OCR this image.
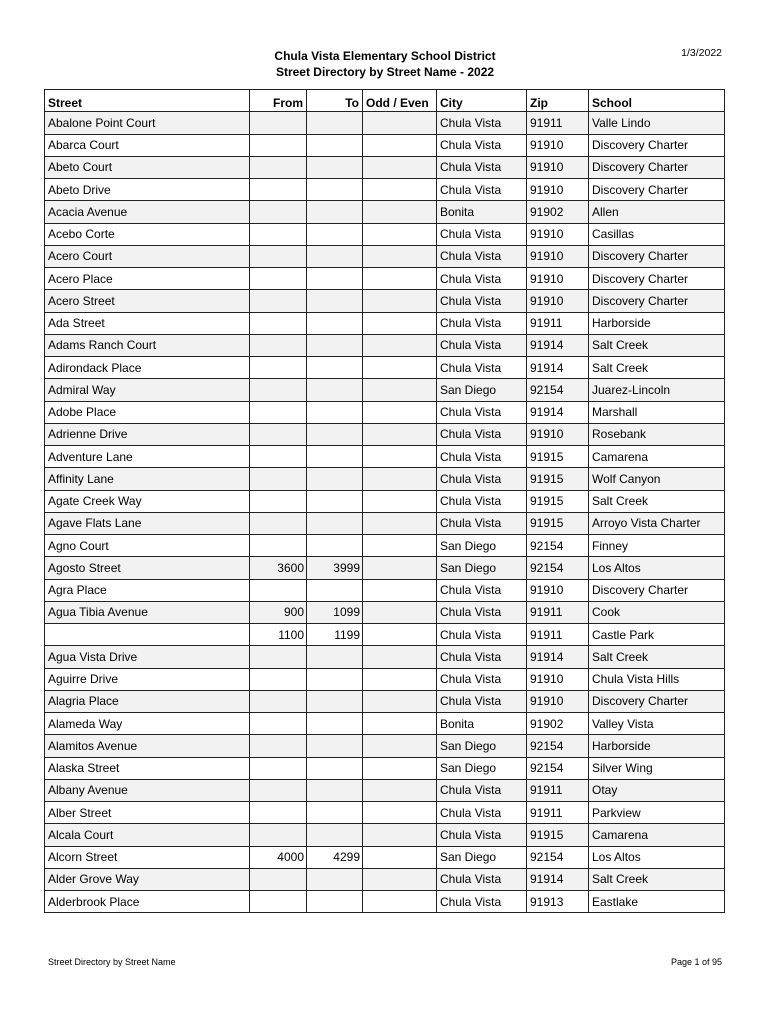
Chula Vista Elementary School District
Street Directory by Street Name - 2022
1/3/2022
Street	From	To	Odd / Even	City	Zip	School
Abalone Point Court				Chula Vista	91911	Valle Lindo
Abarca Court				Chula Vista	91910	Discovery Charter
Abeto Court				Chula Vista	91910	Discovery Charter
Abeto Drive				Chula Vista	91910	Discovery Charter
Acacia Avenue				Bonita	91902	Allen
Acebo Corte				Chula Vista	91910	Casillas
Acero Court				Chula Vista	91910	Discovery Charter
Acero Place				Chula Vista	91910	Discovery Charter
Acero Street				Chula Vista	91910	Discovery Charter
Ada Street				Chula Vista	91911	Harborside
Adams Ranch Court				Chula Vista	91914	Salt Creek
Adirondack Place				Chula Vista	91914	Salt Creek
Admiral Way				San Diego	92154	Juarez-Lincoln
Adobe Place				Chula Vista	91914	Marshall
Adrienne Drive				Chula Vista	91910	Rosebank
Adventure Lane				Chula Vista	91915	Camarena
Affinity Lane				Chula Vista	91915	Wolf Canyon
Agate Creek Way				Chula Vista	91915	Salt Creek
Agave Flats Lane				Chula Vista	91915	Arroyo Vista Charter
Agno Court				San Diego	92154	Finney
Agosto Street	3600	3999		San Diego	92154	Los Altos
Agra Place				Chula Vista	91910	Discovery Charter
Agua Tibia Avenue	900	1099		Chula Vista	91911	Cook
	1100	1199		Chula Vista	91911	Castle Park
Agua Vista Drive				Chula Vista	91914	Salt Creek
Aguirre Drive				Chula Vista	91910	Chula Vista Hills
Alagria Place				Chula Vista	91910	Discovery Charter
Alameda Way				Bonita	91902	Valley Vista
Alamitos Avenue				San Diego	92154	Harborside
Alaska Street				San Diego	92154	Silver Wing
Albany Avenue				Chula Vista	91911	Otay
Alber Street				Chula Vista	91911	Parkview
Alcala Court				Chula Vista	91915	Camarena
Alcorn Street	4000	4299		San Diego	92154	Los Altos
Alder Grove Way				Chula Vista	91914	Salt Creek
Alderbrook Place				Chula Vista	91913	Eastlake
Street Directory by Street Name	Page 1 of 95
